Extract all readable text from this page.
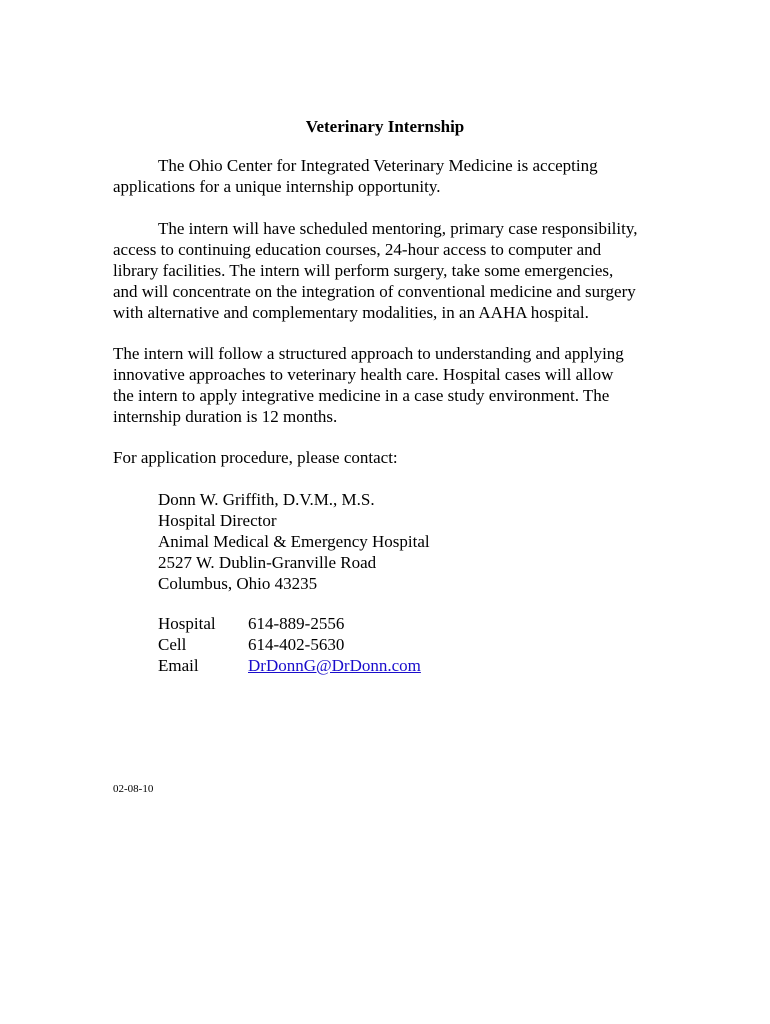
Veterinary Internship
The Ohio Center for Integrated Veterinary Medicine is accepting
applications for a unique internship opportunity.
The intern will have scheduled mentoring, primary case responsibility,
access to continuing education courses, 24-hour access to computer and
library facilities. The intern will perform surgery, take some emergencies,
and will concentrate on the integration of conventional medicine and surgery
with alternative and complementary modalities, in an AAHA hospital.
The intern will follow a structured approach to understanding and applying
innovative approaches to veterinary health care. Hospital cases will allow
the intern to apply integrative medicine in a case study environment. The
internship duration is 12 months.
For application procedure, please contact:
Donn W. Griffith, D.V.M., M.S.
Hospital Director
Animal Medical & Emergency Hospital
2527 W. Dublin-Granville Road
Columbus, Ohio 43235
Hospital	614-889-2556
Cell	614-402-5630
Email	DrDonnG@DrDonn.com
02-08-10
